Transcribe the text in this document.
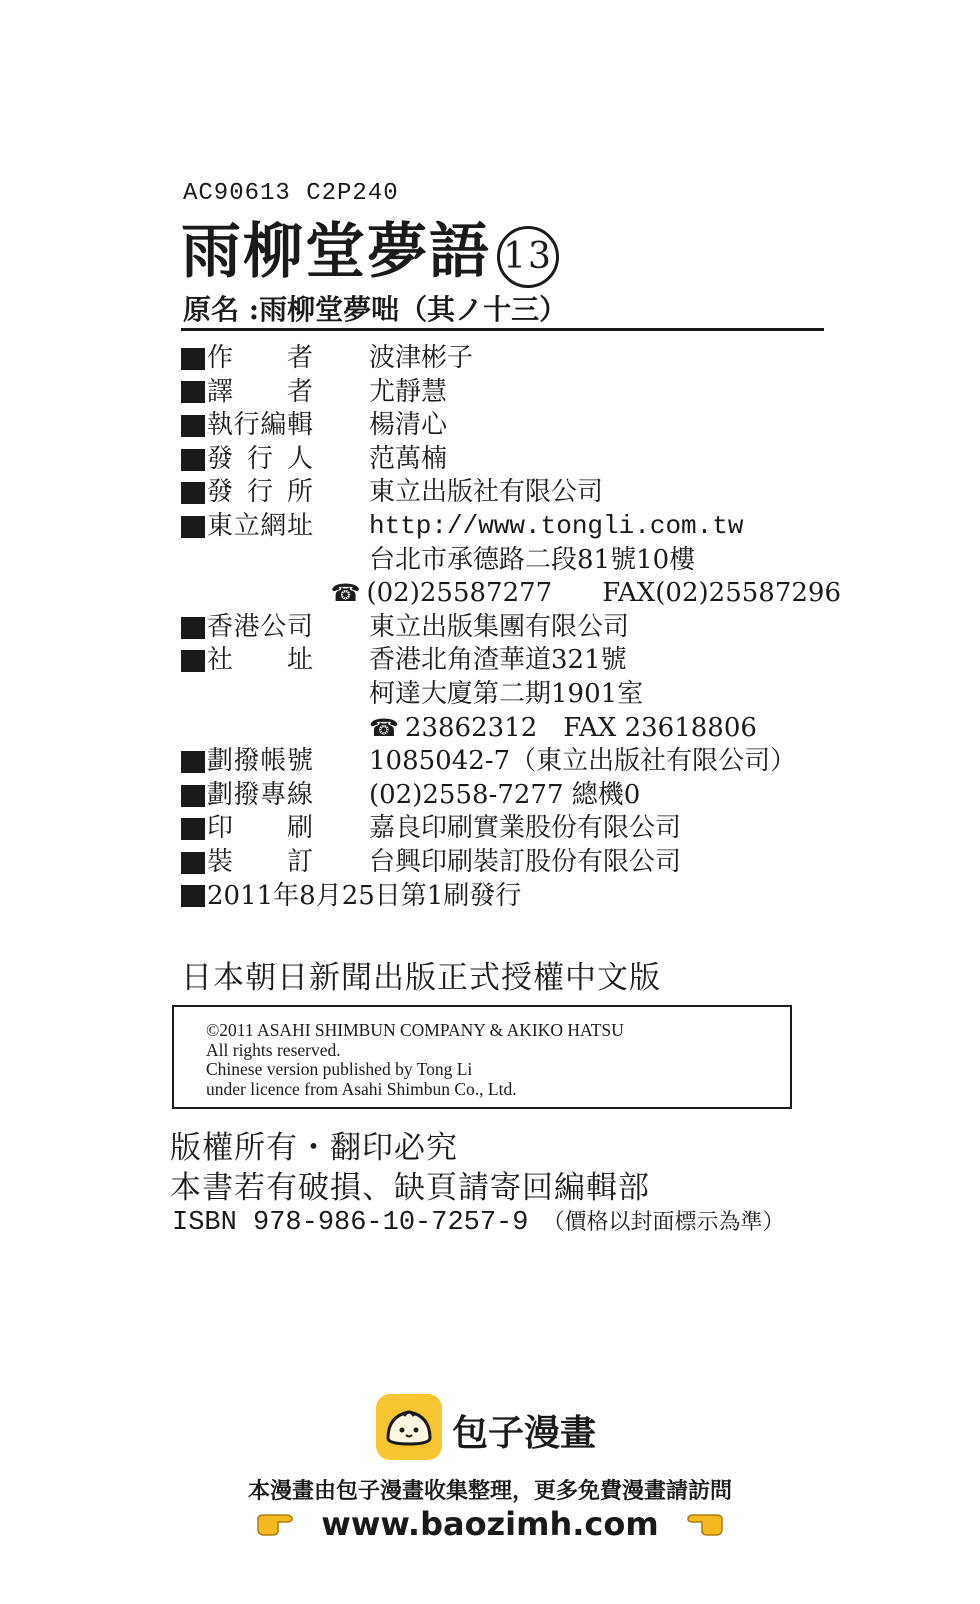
AC90613 C2P240
雨柳堂夢語 13
原名 :雨柳堂夢咄（其ノ十三）
作　者 波津彬子
譯　者 尤靜慧
執行編輯 楊清心
發行人 范萬楠
發行所 東立出版社有限公司
東立網址 http://www.tongli.com.tw
台北市承德路二段81號10樓
☎ (02)25587277 FAX(02)25587296
香港公司 東立出版集團有限公司
社　址 香港北角渣華道321號
柯達大廈第二期1901室
☎ 23862312 FAX 23618806
劃撥帳號 1085042-7（東立出版社有限公司）
劃撥專線 (02)2558-7277 總機0
印　刷 嘉良印刷實業股份有限公司
裝　訂 台興印刷裝訂股份有限公司
2011年8月25日第1刷發行
日本朝日新聞出版正式授權中文版
©2011 ASAHI SHIMBUN COMPANY & AKIKO HATSU
All rights reserved.
Chinese version published by Tong Li
under licence from Asahi Shimbun Co., Ltd.
版權所有・翻印必究
本書若有破損、缺頁請寄回編輯部
ISBN 978-986-10-7257-9 （價格以封面標示為準）
包子漫畫
本漫畫由包子漫畫收集整理，更多免費漫畫請訪問
www.baozimh.com
